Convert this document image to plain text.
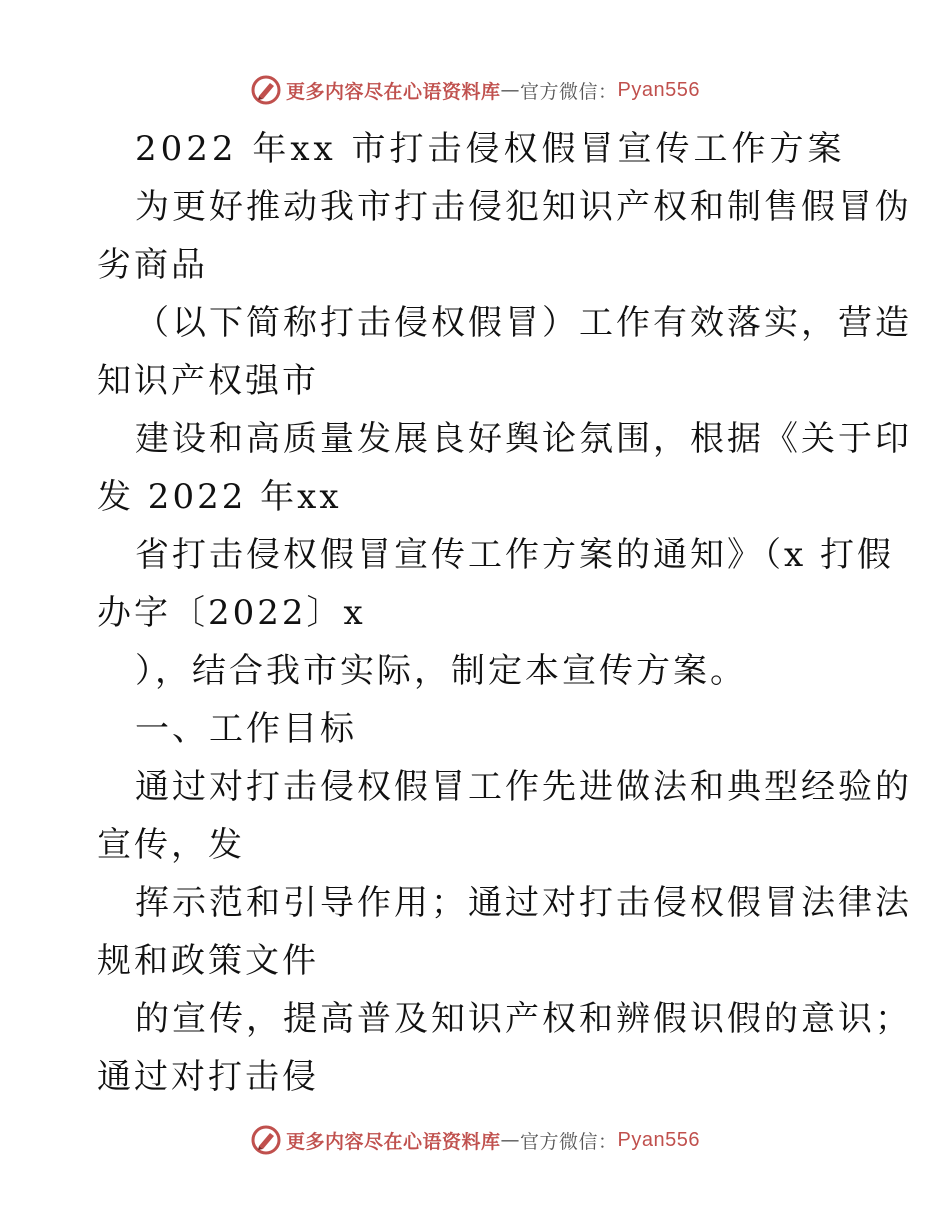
更多内容尽在心语资料库 — 官方微信： Pyan556
2022 年xx 市打击侵权假冒宣传工作方案
为更好推动我市打击侵犯知识产权和制售假冒伪
劣商品
（以下简称打击侵权假冒）工作有效落实，营造
知识产权强市
建设和高质量发展良好舆论氛围，根据《关于印
发 2022 年xx
省打击侵权假冒宣传工作方案的通知》（x 打假
办字〔2022〕x
），结合我市实际，制定本宣传方案。
一、工作目标
通过对打击侵权假冒工作先进做法和典型经验的
宣传，发
挥示范和引导作用；通过对打击侵权假冒法律法
规和政策文件
的宣传，提高普及知识产权和辨假识假的意识；
通过对打击侵
更多内容尽在心语资料库 — 官方微信： Pyan556
